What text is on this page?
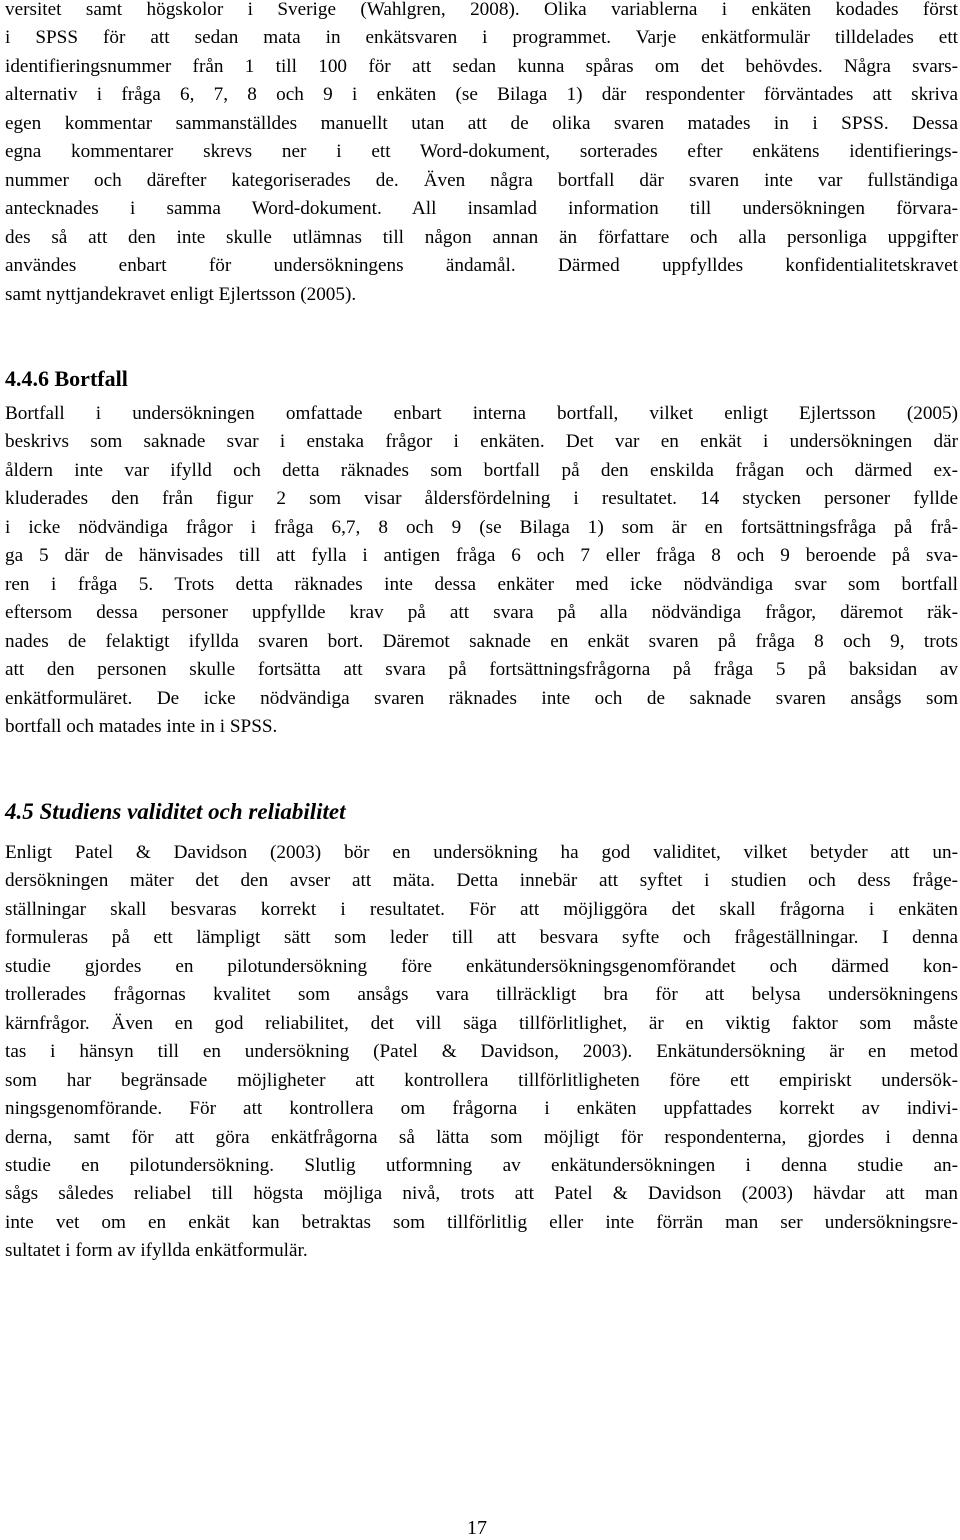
versitet samt högskolor i Sverige (Wahlgren, 2008). Olika variablerna i enkäten kodades först
i SPSS för att sedan mata in enkätsvaren i programmet. Varje enkätformulär tilldelades ett
identifieringsnummer från 1 till 100 för att sedan kunna spåras om det behövdes. Några svars-
alternativ i fråga 6, 7, 8 och 9 i enkäten (se Bilaga 1) där respondenter förväntades att skriva
egen kommentar sammanställdes manuellt utan att de olika svaren matades in i SPSS. Dessa
egna kommentarer skrevs ner i ett Word-dokument, sorterades efter enkätens identifierings-
nummer och därefter kategoriserades de. Även några bortfall där svaren inte var fullständiga
antecknades i samma Word-dokument. All insamlad information till undersökningen förvara-
des så att den inte skulle utlämnas till någon annan än författare och alla personliga uppgifter
användes enbart för undersökningens ändamål. Därmed uppfylldes konfidentialitetskravet
samt nyttjandekravet enligt Ejlertsson (2005).

4.4.6 Bortfall

Bortfall i undersökningen omfattade enbart interna bortfall, vilket enligt Ejlertsson (2005)
beskrivs som saknade svar i enstaka frågor i enkäten. Det var en enkät i undersökningen där
åldern inte var ifylld och detta räknades som bortfall på den enskilda frågan och därmed ex-
kluderades den från figur 2 som visar åldersfördelning i resultatet. 14 stycken personer fyllde
i icke nödvändiga frågor i fråga 6,7, 8 och 9 (se Bilaga 1) som är en fortsättningsfråga på frå-
ga 5 där de hänvisades till att fylla i antigen fråga 6 och 7 eller fråga 8 och 9 beroende på sva-
ren i fråga 5. Trots detta räknades inte dessa enkäter med icke nödvändiga svar som bortfall
eftersom dessa personer uppfyllde krav på att svara på alla nödvändiga frågor, däremot räk-
nades de felaktigt ifyllda svaren bort. Däremot saknade en enkät svaren på fråga 8 och 9, trots
att den personen skulle fortsätta att svara på fortsättningsfrågorna på fråga 5 på baksidan av
enkätformuläret. De icke nödvändiga svaren räknades inte och de saknade svaren ansågs som
bortfall och matades inte in i SPSS.

4.5 Studiens validitet och reliabilitet

Enligt Patel & Davidson (2003) bör en undersökning ha god validitet, vilket betyder att un-
dersökningen mäter det den avser att mäta. Detta innebär att syftet i studien och dess fråge-
ställningar skall besvaras korrekt i resultatet. För att möjliggöra det skall frågorna i enkäten
formuleras på ett lämpligt sätt som leder till att besvara syfte och frågeställningar. I denna
studie gjordes en pilotundersökning före enkätundersökningsgenomförandet och därmed kon-
trollerades frågornas kvalitet som ansågs vara tillräckligt bra för att belysa undersökningens
kärnfrågor. Även en god reliabilitet, det vill säga tillförlitlighet, är en viktig faktor som måste
tas i hänsyn till en undersökning (Patel & Davidson, 2003). Enkätundersökning är en metod
som har begränsade möjligheter att kontrollera tillförlitligheten före ett empiriskt undersök-
ningsgenomförande. För att kontrollera om frågorna i enkäten uppfattades korrekt av indivi-
derna, samt för att göra enkätfrågorna så lätta som möjligt för respondenterna, gjordes i denna
studie en pilotundersökning. Slutlig utformning av enkätundersökningen i denna studie an-
sågs således reliabel till högsta möjliga nivå, trots att Patel & Davidson (2003) hävdar att man
inte vet om en enkät kan betraktas som tillförlitlig eller inte förrän man ser undersökningsre-
sultatet i form av ifyllda enkätformulär.

17
